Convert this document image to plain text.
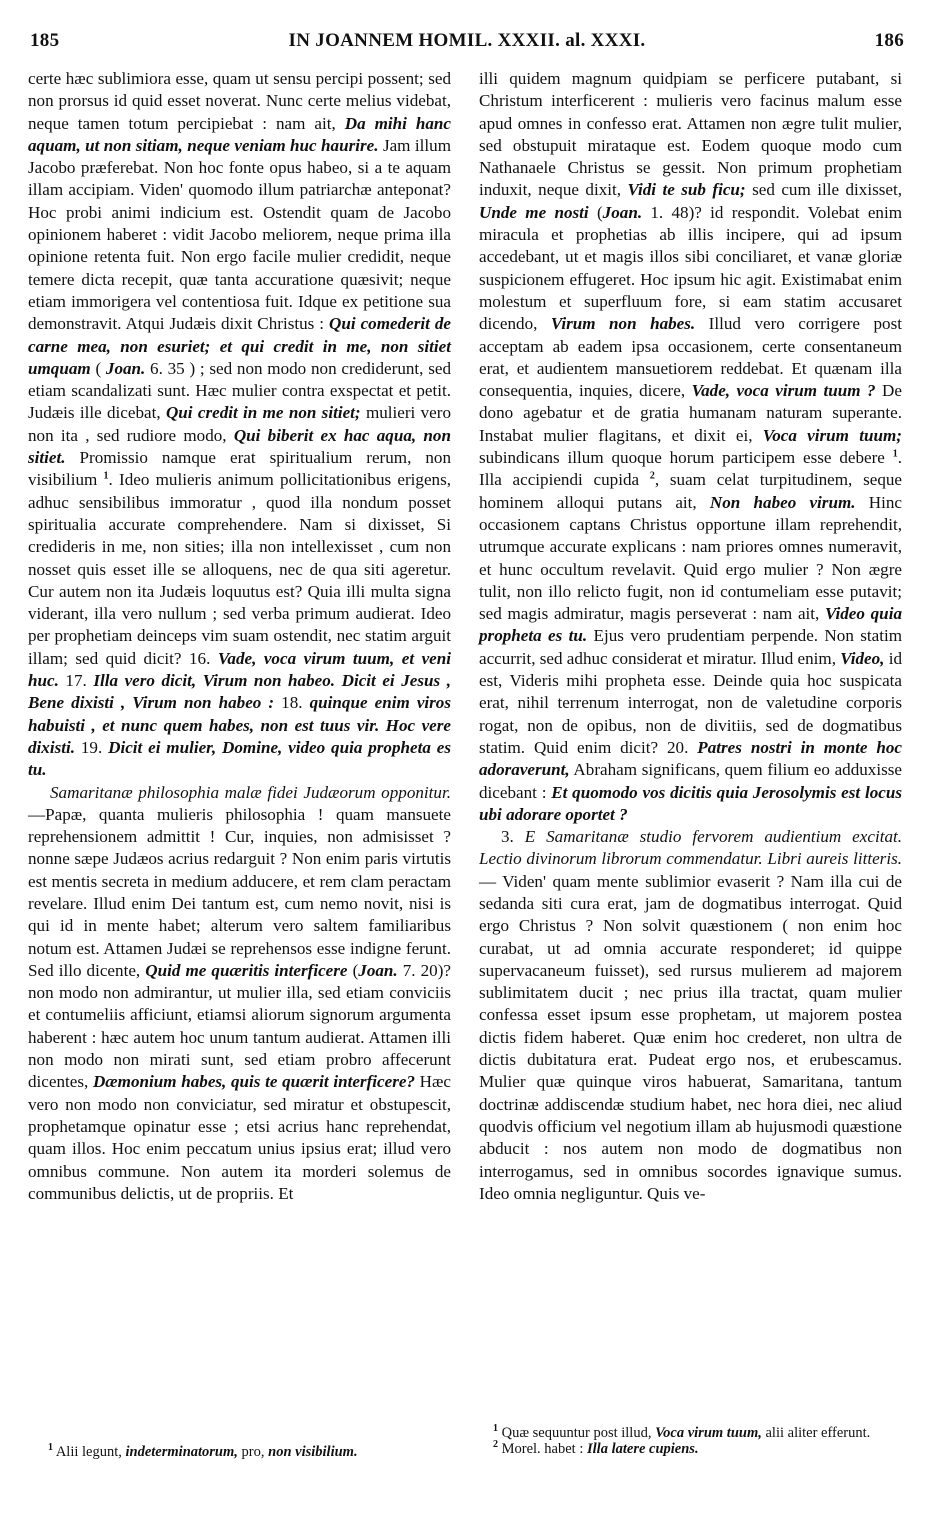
185	IN JOANNEM HOMIL. XXXII. al. XXXI.	186

certe hæc sublimiora esse, quam ut sensu percipi possent; sed non prorsus id quid esset noverat. Nunc certe melius videbat, neque tamen totum percipiebat : nam ait, Da mihi hanc aquam, ut non sitiam, neque veniam huc haurire. Jam illum Jacobo præferebat. Non hoc fonte opus habeo, si a te aquam illam accipiam. Viden' quomodo illum patriarchæ anteponat? Hoc probi animi indicium est. Ostendit quam de Jacobo opinionem haberet : vidit Jacobo meliorem, neque prima illa opinione retenta fuit. Non ergo facile mulier credidit, neque temere dicta recepit, quæ tanta accuratione quæsivit; neque etiam immorigera vel contentiosa fuit. Idque ex petitione sua demonstravit. Atqui Judæis dixit Christus : Qui comederit de carne mea, non esuriet; et qui credit in me, non sitiet umquam ( Joan. 6. 35 ) ; sed non modo non crediderunt, sed etiam scandalizati sunt. Hæc mulier contra exspectat et petit. Judæis ille dicebat, Qui credit in me non sitiet; mulieri vero non ita , sed rudiore modo, Qui biberit ex hac aqua, non sitiet. Promissio namque erat spiritualium rerum, non visibilium $^1$. Ideo mulieris animum pollicitationibus erigens, adhuc sensibilibus immoratur , quod illa nondum posset spiritualia accurate comprehendere. Nam si dixisset, Si credideris in me, non sities; illa non intellexisset , cum non nosset quis esset ille se alloquens, nec de qua siti ageretur. Cur autem non ita Judæis loquutus est? Quia illi multa signa viderant, illa vero nullum ; sed verba primum audierat. Ideo per prophetiam deinceps vim suam ostendit, nec statim arguit illam; sed quid dicit? 16. Vade, voca virum tuum, et veni huc. 17. Illa vero dicit, Virum non habeo. Dicit ei Jesus , Bene dixisti , Virum non habeo : 18. quinque enim viros habuisti , et nunc quem habes, non est tuus vir. Hoc vere dixisti. 19. Dicit ei mulier, Domine, video quia propheta es tu.

Samaritanæ philosophia malæ fidei Judæorum opponitur.—Papæ, quanta mulieris philosophia ! quam mansuete reprehensionem admittit ! Cur, inquies, non admisisset ? nonne sæpe Judæos acrius redarguit ? Non enim paris virtutis est mentis secreta in medium adducere, et rem clam peractam revelare. Illud enim Dei tantum est, cum nemo novit, nisi is qui id in mente habet; alterum vero saltem familiaribus notum est. Attamen Judæi se reprehensos esse indigne ferunt. Sed illo dicente, Quid me quæritis interficere (Joan. 7. 20)? non modo non admirantur, ut mulier illa, sed etiam conviciis et contumeliis afficiunt, etiamsi aliorum signorum argumenta haberent : hæc autem hoc unum tantum audierat. Attamen illi non modo non mirati sunt, sed etiam probro affecerunt dicentes, Dæmonium habes, quis te quærit interficere? Hæc vero non modo non conviciatur, sed miratur et obstupescit, prophetamque opinatur esse ; etsi acrius hanc reprehendat, quam illos. Hoc enim peccatum unius ipsius erat; illud vero omnibus commune. Non autem ita morderi solemus de communibus delictis, ut de propriis. Et

illi quidem magnum quidpiam se perficere putabant, si Christum interficerent : mulieris vero facinus malum esse apud omnes in confesso erat. Attamen non ægre tulit mulier, sed obstupuit mirataque est. Eodem quoque modo cum Nathanaele Christus se gessit. Non primum prophetiam induxit, neque dixit, Vidi te sub ficu; sed cum ille dixisset, Unde me nosti (Joan. 1. 48)? id respondit. Volebat enim miracula et prophetias ab illis incipere, qui ad ipsum accedebant, ut et magis illos sibi conciliaret, et vanæ gloriæ suspicionem effugeret. Hoc ipsum hic agit. Existimabat enim molestum et superfluum fore, si eam statim accusaret dicendo, Virum non habes. Illud vero corrigere post acceptam ab eadem ipsa occasionem, certe consentaneum erat, et audientem mansuetiorem reddebat. Et quænam illa consequentia, inquies, dicere, Vade, voca virum tuum ? De dono agebatur et de gratia humanam naturam superante. Instabat mulier flagitans, et dixit ei, Voca virum tuum; subindicans illum quoque horum participem esse debere $^1$. Illa accipiendi cupida $^2$, suam celat turpitudinem, seque hominem alloqui putans ait, Non habeo virum. Hinc occasionem captans Christus opportune illam reprehendit, utrumque accurate explicans : nam priores omnes numeravit, et hunc occultum revelavit. Quid ergo mulier ? Non ægre tulit, non illo relicto fugit, non id contumeliam esse putavit; sed magis admiratur, magis perseverat : nam ait, Video quia propheta es tu. Ejus vero prudentiam perpende. Non statim accurrit, sed adhuc considerat et miratur. Illud enim, Video, id est, Videris mihi propheta esse. Deinde quia hoc suspicata erat, nihil terrenum interrogat, non de valetudine corporis rogat, non de opibus, non de divitiis, sed de dogmatibus statim. Quid enim dicit? 20. Patres nostri in monte hoc adoraverunt, Abraham significans, quem filium eo adduxisse dicebant : Et quomodo vos dicitis quia Jerosolymis est locus ubi adorare oportet ?

3. E Samaritanæ studio fervorem audientium excitat. Lectio divinorum librorum commendatur. Libri aureis litteris.— Viden' quam mente sublimior evaserit ? Nam illa cui de sedanda siti cura erat, jam de dogmatibus interrogat. Quid ergo Christus ? Non solvit quæstionem ( non enim hoc curabat, ut ad omnia accurate responderet; id quippe supervacaneum fuisset), sed rursus mulierem ad majorem sublimitatem ducit ; nec prius illa tractat, quam mulier confessa esset ipsum esse prophetam, ut majorem postea dictis fidem haberet. Quæ enim hoc crederet, non ultra de dictis dubitatura erat. Pudeat ergo nos, et erubescamus. Mulier quæ quinque viros habuerat, Samaritana, tantum doctrinæ addiscendæ studium habet, nec hora diei, nec aliud quodvis officium vel negotium illam ab hujusmodi quæstione abducit : nos autem non modo de dogmatibus non interrogamus, sed in omnibus socordes ignavique sumus. Ideo omnia negliguntur. Quis ve-

$^1$ Alii legunt, indeterminatorum, pro, non visibilium.

$^1$ Quæ sequuntur post illud, Voca virum tuum, alii aliter efferunt.

$^2$ Morel. habet : Illa latere cupiens.
